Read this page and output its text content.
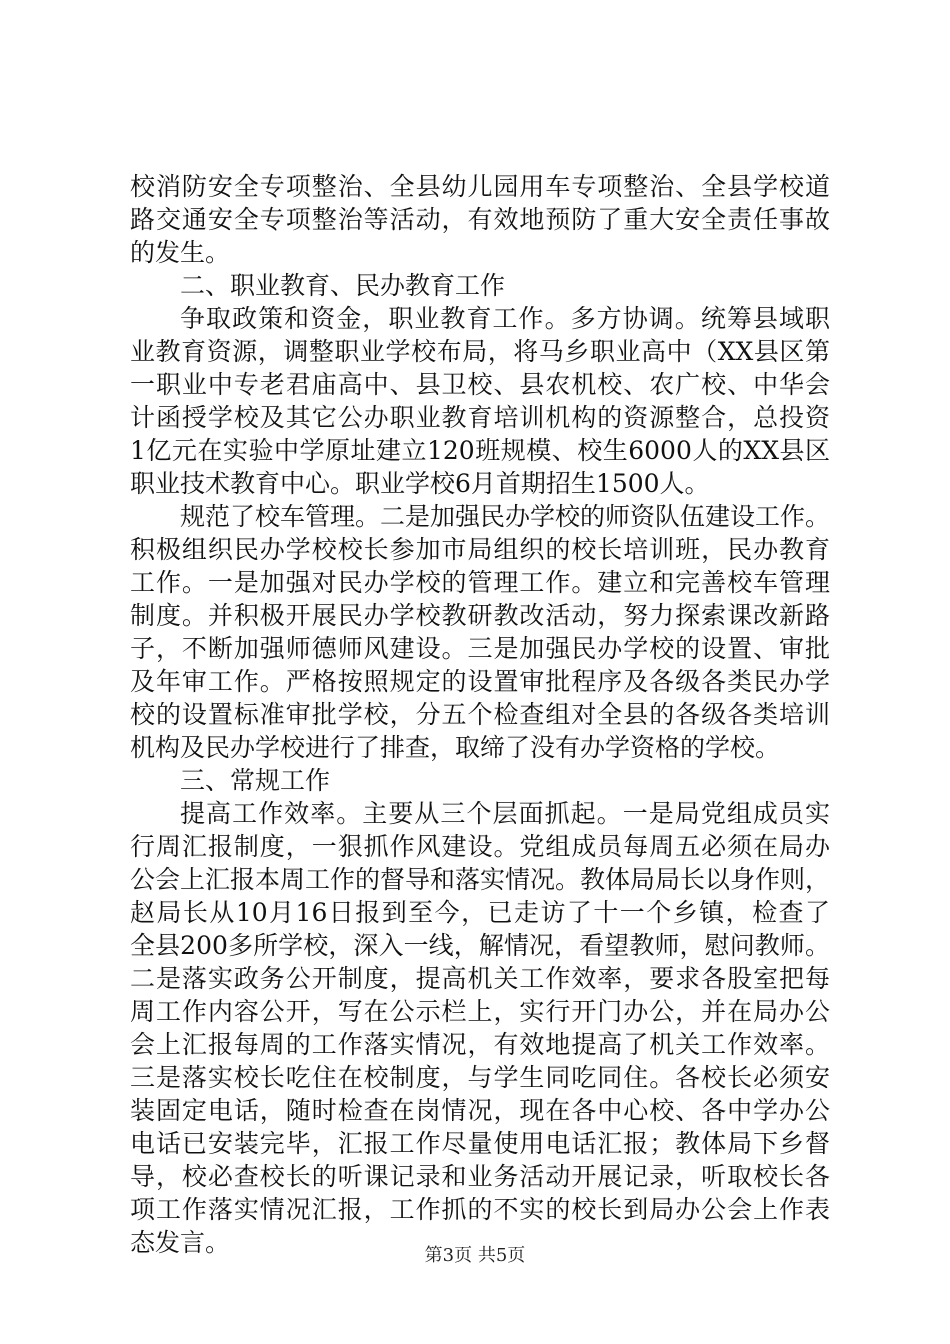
校消防安全专项整治、全县幼儿园用车专项整治、全县学校道
路交通安全专项整治等活动，有效地预防了重大安全责任事故
的发生。
二、职业教育、民办教育工作
争取政策和资金，职业教育工作。多方协调。统筹县域职
业教育资源，调整职业学校布局，将马乡职业高中（XX县区第
一职业中专老君庙高中、县卫校、县农机校、农广校、中华会
计函授学校及其它公办职业教育培训机构的资源整合，总投资
1亿元在实验中学原址建立120班规模、校生6000人的XX县区
职业技术教育中心。职业学校6月首期招生1500人。
规范了校车管理。二是加强民办学校的师资队伍建设工作。
积极组织民办学校校长参加市局组织的校长培训班，民办教育
工作。一是加强对民办学校的管理工作。建立和完善校车管理
制度。并积极开展民办学校教研教改活动，努力探索课改新路
子，不断加强师德师风建设。三是加强民办学校的设置、审批
及年审工作。严格按照规定的设置审批程序及各级各类民办学
校的设置标准审批学校，分五个检查组对全县的各级各类培训
机构及民办学校进行了排查，取缔了没有办学资格的学校。
三、常规工作
提高工作效率。主要从三个层面抓起。一是局党组成员实
行周汇报制度，一狠抓作风建设。党组成员每周五必须在局办
公会上汇报本周工作的督导和落实情况。教体局局长以身作则，
赵局长从10月16日报到至今，已走访了十一个乡镇，检查了
全县200多所学校，深入一线，解情况，看望教师，慰问教师。
二是落实政务公开制度，提高机关工作效率，要求各股室把每
周工作内容公开，写在公示栏上，实行开门办公，并在局办公
会上汇报每周的工作落实情况，有效地提高了机关工作效率。
三是落实校长吃住在校制度，与学生同吃同住。各校长必须安
装固定电话，随时检查在岗情况，现在各中心校、各中学办公
电话已安装完毕，汇报工作尽量使用电话汇报；教体局下乡督
导，校必查校长的听课记录和业务活动开展记录，听取校长各
项工作落实情况汇报，工作抓的不实的校长到局办公会上作表
态发言。	第3页 共5页
